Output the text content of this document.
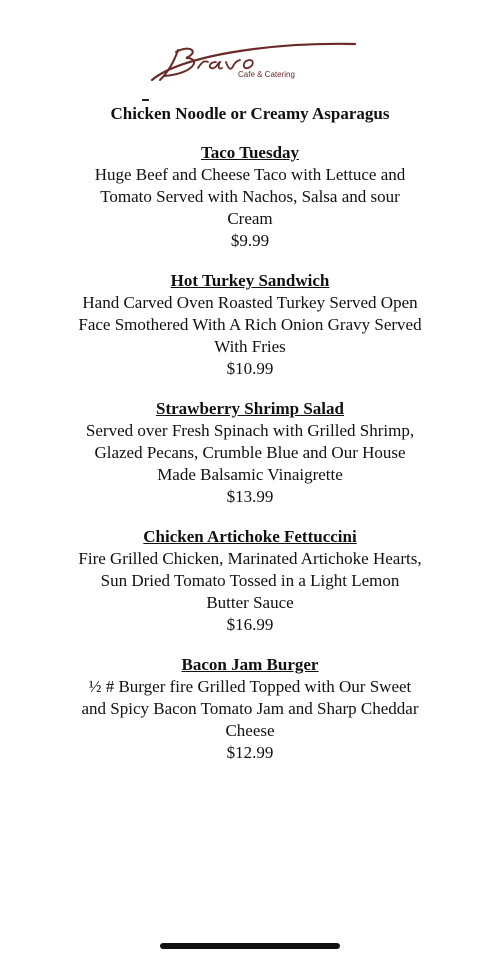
Cafe & Catering
Chicken Noodle or Creamy Asparagus

Taco Tuesday

Huge Beef and Cheese Taco with Lettuce and Tomato Served with Nachos, Salsa and sour Cream

$9.99

Hot Turkey Sandwich

Hand Carved Oven Roasted Turkey Served Open Face Smothered With A Rich Onion Gravy Served With Fries

$10.99

Strawberry Shrimp Salad

Served over Fresh Spinach with Grilled Shrimp, Glazed Pecans, Crumble Blue and Our House Made Balsamic Vinaigrette

$13.99

Chicken Artichoke Fettuccini

Fire Grilled Chicken, Marinated Artichoke Hearts, Sun Dried Tomato Tossed in a Light Lemon Butter Sauce

$16.99

Bacon Jam Burger

½ # Burger fire Grilled Topped with Our Sweet and Spicy Bacon Tomato Jam and Sharp Cheddar Cheese

$12.99
